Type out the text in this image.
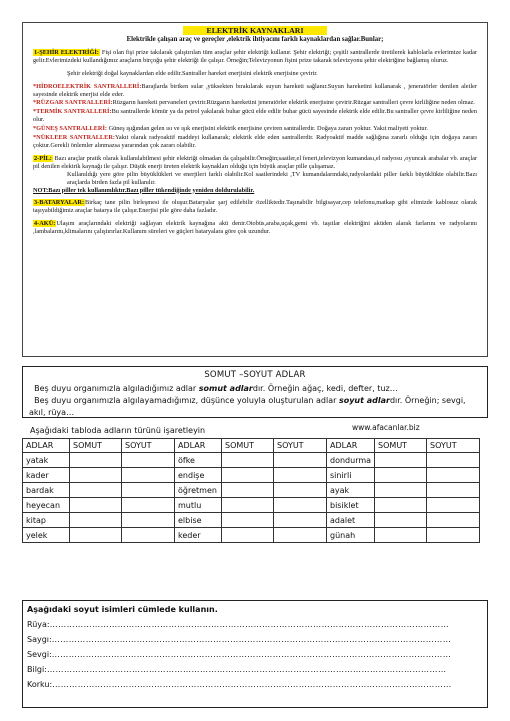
ELEKTRİK KAYNAKLARI
Elektrikle çalışan araç ve gereçler ,elektrik ihtiyacını farklı kaynaklardan sağlar.Bunlar;
1-ŞEHİR ELEKTRİĞİ: Fişi olan fişi prize takılarak çalıştırılan tüm araçlar şehir elektriği kullanır. Şehir elektriği; çeşitli santrallerde üretilerek kablolarla evlerimize kadar gelir.Evlerimizdeki kullandığımız araçların birçoğu şehir elektriği ile çalışır. Örneğin;Televizyonun fişini prize takarak televizyonu şehir elektriğine bağlamış oluruz.
Şehir elektriği doğal kaynaklardan elde edilir.Santraller hareket enerjisini elektrik enerjisine çevirir.
*HİDROELEKTRİK SANTRALLERİ:Barajlarda biriken sular ,yüksekten bırakılarak suyun hareketi sağlanır.Suyun hareketini kullanarak , jeneratörler denilen aletler sayesinde elektrik enerjisi elde eder.
*RÜZGAR SANTRALLERİ:Rüzgarın hareketi pervaneleri çevirir.Rüzgarın hareketini jeneratörler elektrik enerjisine çevirir.Rüzgar santralleri çevre kirliliğine neden olmaz.
*TERMİK SANTRALLERİ:Bu santrallerde kömür ya da petrol yakılarak buhar gücü elde edilir buhar gücü sayesinde elektrik elde edilir.Bu santraller çevre kirliliğine neden olur.
*GÜNEŞ SANTRALLERİ: Güneş ışığından gelen ısı ve ışık enerjisini elektrik enerjisine çeviren santrallerdir. Doğaya zararı yoktur. Yakıt maliyeti yoktur.
*NÜKLEER SANTRALLER:Yakıt olarak radyoaktif maddeyi kullanarak; elektrik elde eden santrallerdir. Radyoaktif madde sağlığına zararlı olduğu için doğaya zararı çoktur.Gerekli önlemler alınmazsa yararından çok zararı olabilir.
2-PİL: Bazı araçlar pratik olarak kullanılabilmesi şehir elektriği olmadan da çalışabilir.Örneğin;saatler,el feneri,televizyon kumandası,el radyosu ,oyuncak arabalar vb. araçlar pil denilen elektrik kaynağı ile çalışır. Düşük enerji üreten elektrik kaynakları olduğu için büyük araçlar pille çalışamaz.
Kullanıldığı yere göre pilin büyüklükleri ve enerjileri farklı olabilir.Kol saatlerindeki ,TV kumandalarındaki,radyolardaki piller farklı büyüklükte olabilir.Bazı araçlarda birden fazla pil kullanılır.
NOT:Bazı piller tek kullanımlıktır.Bazı piller tükendiğinde yeniden doldurulabilir.
3-BATARYALAR:Birkaç tane pilin birleşmesi ile oluşur.Bataryalar şarj edilebilir özelliktedir.Taşınabilir bilgisayar,cep telefonu,matkap gibi elimizde kablosuz olarak taşıyabildiğimiz araçlar batarya ile çalışır.Enerjisi pile göre daha fazladır.
4-AKÜ:Ulaşım araçlarındaki elektriği sağlayan elektrik kaynağına akü denir.Otobüs,araba,uçak,gemi vb. taşıtlar elektriğini aküden alarak farlarını ve radyolarını ,lambalarını,klimalarını çalıştırırlar.Kullanım süreleri ve güçleri bataryalara göre çok uzundur.
SOMUT –SOYUT ADLAR
Beş duyu organımızla algıladığımız adlar somut adlardır. Örneğin ağaç, kedi, defter, tuz…
Beş duyu organımızla algılayamadığımız, düşünce yoluyla oluşturulan adlar soyut adlardır. Örneğin; sevgi, akıl, rüya…
Aşağıdaki tabloda adların türünü işaretleyin	www.afacanlar.biz
ADLAR	SOMUT	SOYUT	ADLAR	SOMUT	SOYUT	ADLAR	SOMUT	SOYUT
yatak			öfke			dondurma		
kader			endişe			sinirli		
bardak			öğretmen			ayak		
heyecan			mutlu			bisiklet		
kitap			elbise			adalet		
yelek			keder			günah		
Aşağıdaki soyut isimleri cümlede kullanın.
Rüya:……………………………………………………………………………………………………………………………
Saygı:……………………………………………………………………………………………………………………………
Sevgi:……………………………………………………………………………………………………………………………
Bilgi:……………………………………………………………………………………………………………………………
Korku:……………………………………………………………………………………………………………………………
